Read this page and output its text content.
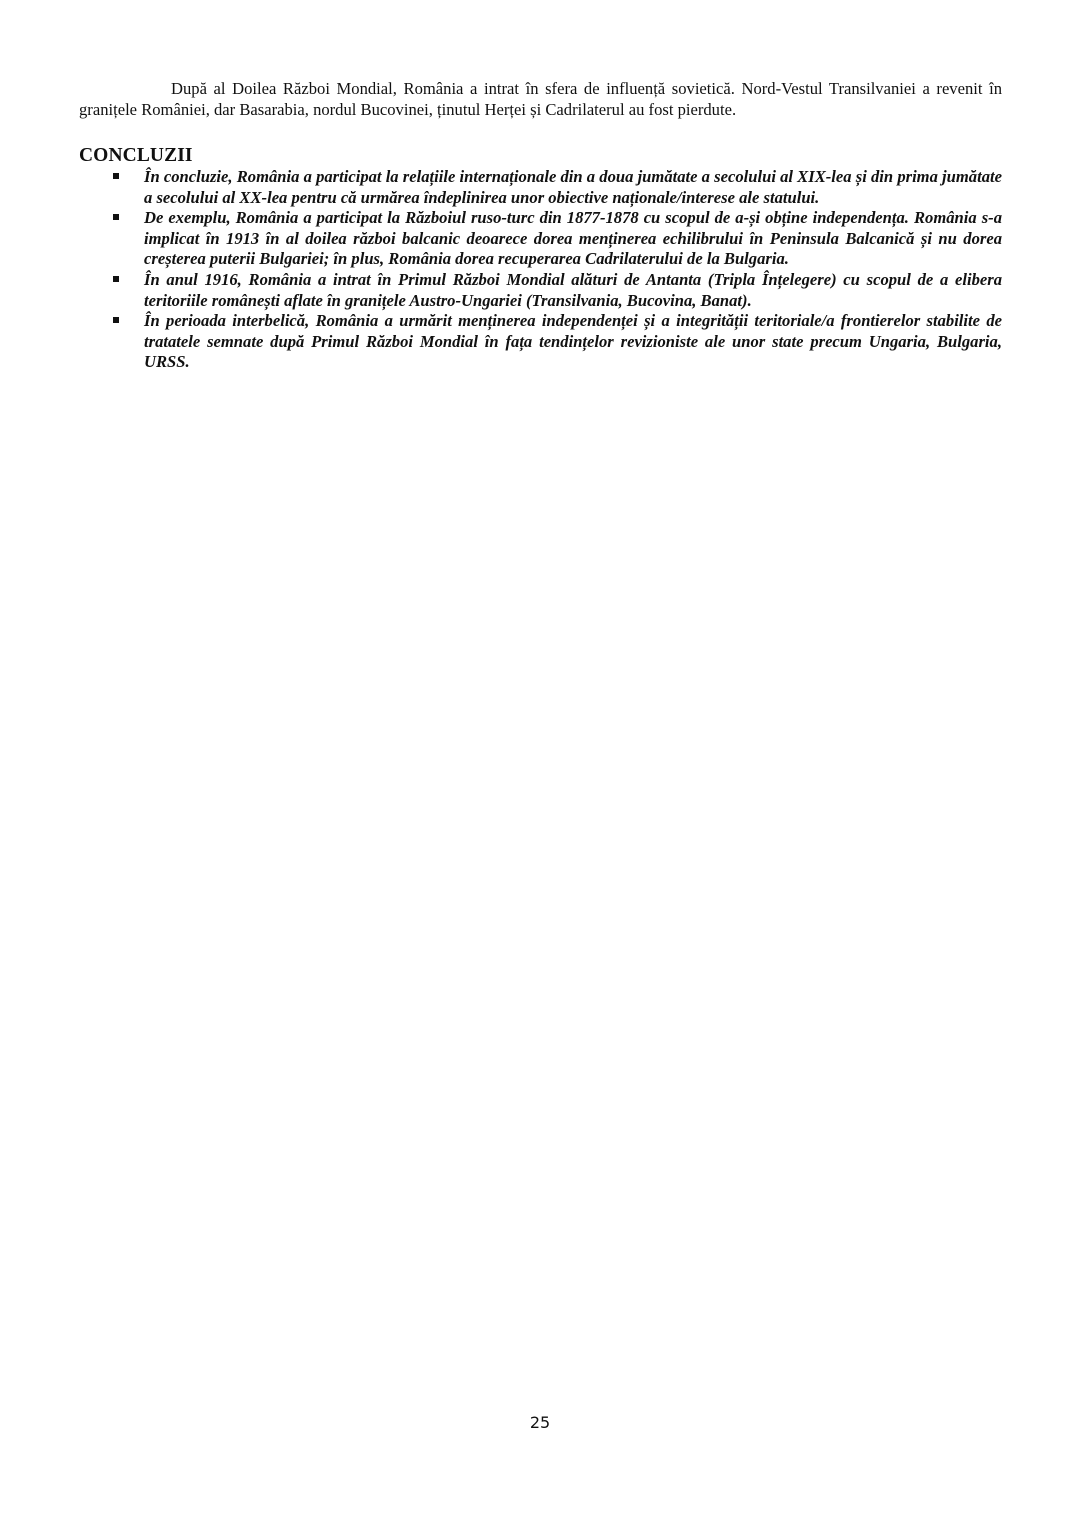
După al Doilea Război Mondial, România a intrat în sfera de influență sovietică. Nord-Vestul Transilvaniei a revenit în granițele României, dar Basarabia, nordul Bucovinei, ținutul Herței și Cadrilaterul au fost pierdute.

CONCLUZII
În concluzie, România a participat la relațiile internaționale din a doua jumătate a secolului al XIX-lea și din prima jumătate a secolului al XX-lea pentru că urmărea îndeplinirea unor obiective naționale/interese ale statului.
De exemplu, România a participat la Războiul ruso-turc din 1877-1878 cu scopul de a-și obține independența. România s-a implicat în 1913 în al doilea război balcanic deoarece dorea menținerea echilibrului în Peninsula Balcanică și nu dorea creșterea puterii Bulgariei; în plus, România dorea recuperarea Cadrilaterului de la Bulgaria.
În anul 1916, România a intrat în Primul Război Mondial alături de Antanta (Tripla Înțelegere) cu scopul de a elibera teritoriile românești aflate în granițele Austro-Ungariei (Transilvania, Bucovina, Banat).
În perioada interbelică, România a urmărit menținerea independenței și a integrității teritoriale/a frontierelor stabilite de tratatele semnate după Primul Război Mondial în fața tendințelor revizioniste ale unor state precum Ungaria, Bulgaria, URSS.
25
